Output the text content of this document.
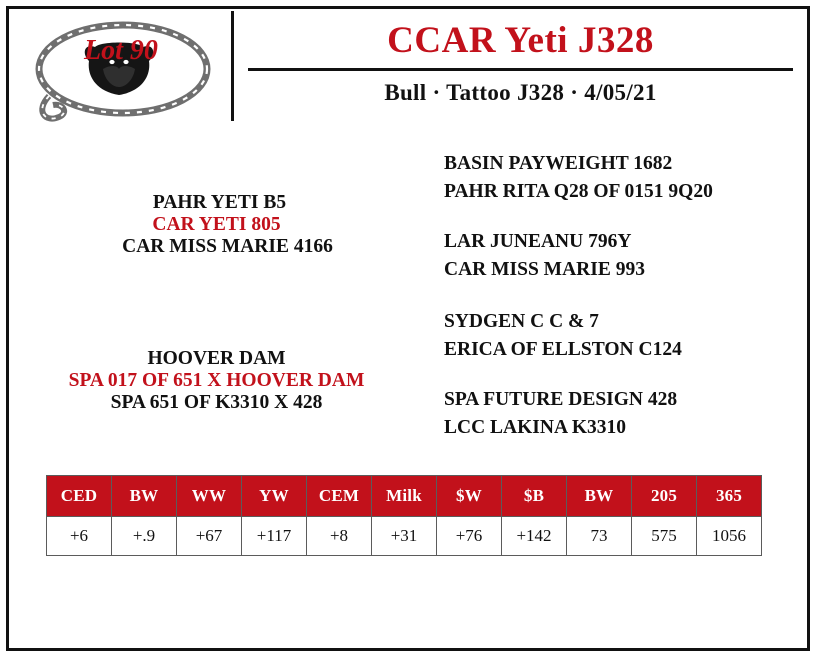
Lot 90	CCAR Yeti J328
Bull · Tattoo J328 · 4/05/21
PAHR YETI B5
CAR YETI 805
CAR MISS MARIE 4166
HOOVER DAM
SPA 017 OF 651 X HOOVER DAM
SPA 651 OF K3310 X 428
BASIN PAYWEIGHT 1682
PAHR RITA Q28 OF 0151 9Q20
LAR JUNEANU 796Y
CAR MISS MARIE 993
SYDGEN C C & 7
ERICA OF ELLSTON C124
SPA FUTURE DESIGN 428
LCC LAKINA K3310
CED	BW	WW	YW	CEM	Milk	$W	$B	BW	205	365
+6	+.9	+67	+117	+8	+31	+76	+142	73	575	1056
